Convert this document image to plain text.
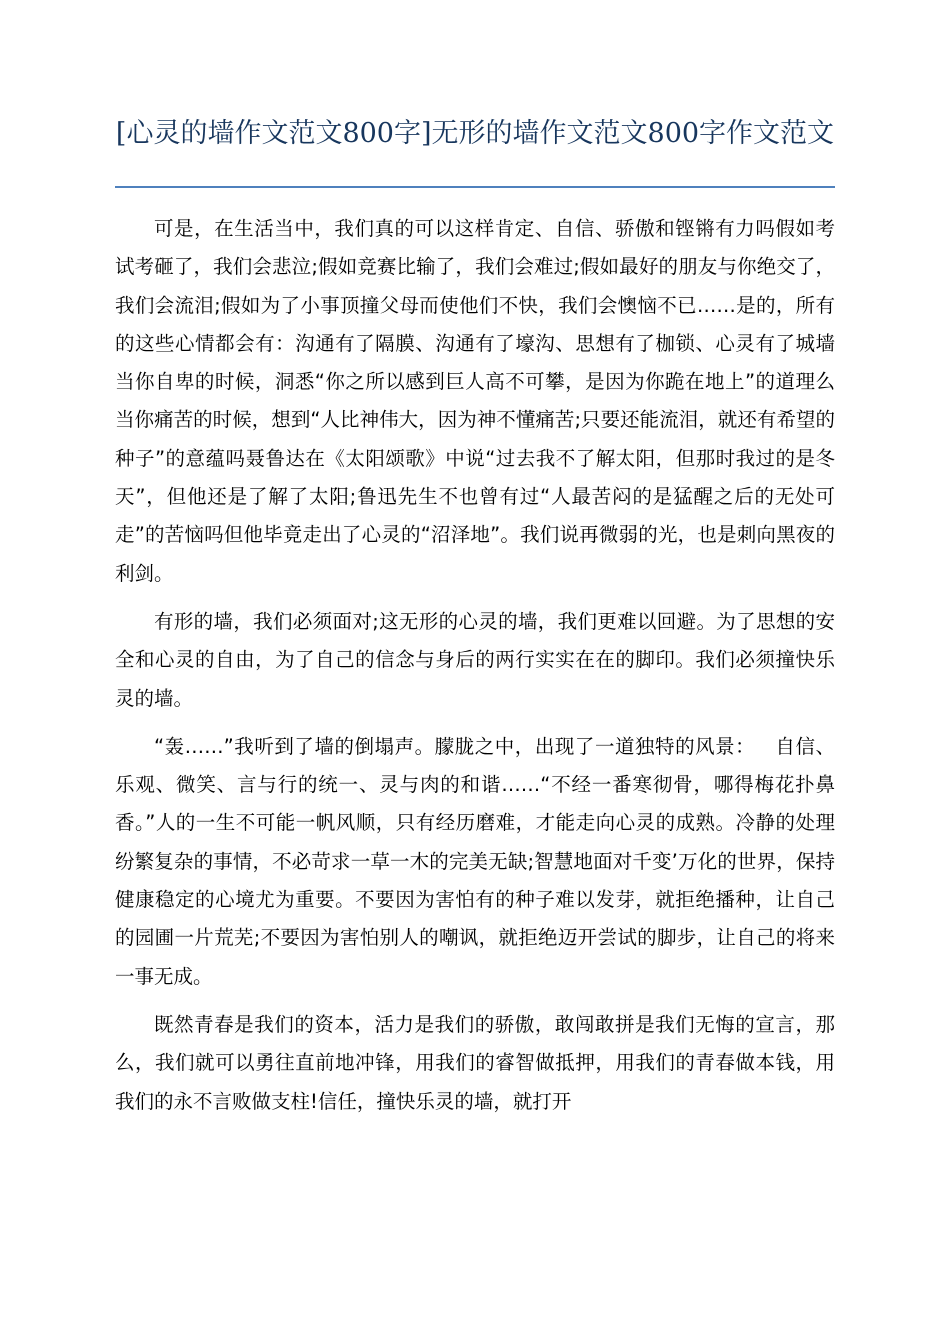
[心灵的墙作文范文800字]无形的墙作文范文800字作文范文

可是，在生活当中，我们真的可以这样肯定、自信、骄傲和铿锵有力吗假如考试考砸了，我们会悲泣;假如竞赛比输了，我们会难过;假如最好的朋友与你绝交了，我们会流泪;假如为了小事顶撞父母而使他们不快，我们会懊恼不已……是的，所有的这些心情都会有：沟通有了隔膜、沟通有了壕沟、思想有了枷锁、心灵有了城墙当你自卑的时候，洞悉“你之所以感到巨人高不可攀，是因为你跪在地上”的道理么当你痛苦的时候，想到“人比神伟大，因为神不懂痛苦;只要还能流泪，就还有希望的种子”的意蕴吗聂鲁达在《太阳颂歌》中说“过去我不了解太阳，但那时我过的是冬天”，但他还是了解了太阳;鲁迅先生不也曾有过“人最苦闷的是猛醒之后的无处可走”的苦恼吗但他毕竟走出了心灵的“沼泽地”。我们说再微弱的光，也是刺向黑夜的利剑。

有形的墙，我们必须面对;这无形的心灵的墙，我们更难以回避。为了思想的安全和心灵的自由，为了自己的信念与身后的两行实实在在的脚印。我们必须撞快乐灵的墙。

“轰……”我听到了墙的倒塌声。朦胧之中，出现了一道独特的风景：   自信、乐观、微笑、言与行的统一、灵与肉的和谐……“不经一番寒彻骨，哪得梅花扑鼻香。”人的一生不可能一帆风顺，只有经历磨难，才能走向心灵的成熟。冷静的处理纷繁复杂的事情，不必苛求一草一木的完美无缺;智慧地面对千变’万化的世界，保持健康稳定的心境尤为重要。不要因为害怕有的种子难以发芽，就拒绝播种，让自己的园圃一片荒芜;不要因为害怕别人的嘲讽，就拒绝迈开尝试的脚步，让自己的将来一事无成。

既然青春是我们的资本，活力是我们的骄傲，敢闯敢拼是我们无悔的宣言，那么，我们就可以勇往直前地冲锋，用我们的睿智做抵押，用我们的青春做本钱，用我们的永不言败做支柱!信任，撞快乐灵的墙，就打开
